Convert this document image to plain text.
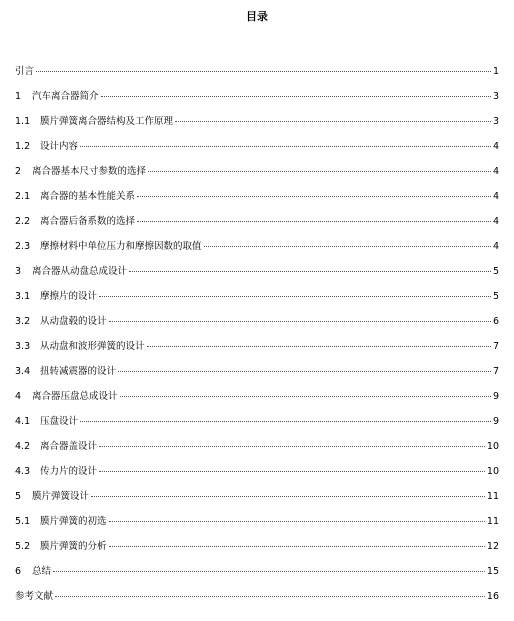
目录
引言	1
1	汽车离合器简介	3
1.1	膜片弹簧离合器结构及工作原理	3
1.2	设计内容	4
2	离合器基本尺寸参数的选择	4
2.1	离合器的基本性能关系	4
2.2	离合器后备系数的选择	4
2.3	摩擦材料中单位压力和摩擦因数的取值	4
3	离合器从动盘总成设计	5
3.1	摩擦片的设计	5
3.2	从动盘毂的设计	6
3.3	从动盘和波形弹簧的设计	7
3.4	扭转减震器的设计	7
4	离合器压盘总成设计	9
4.1	压盘设计	9
4.2	离合器盖设计	10
4.3	传力片的设计	10
5	膜片弹簧设计	11
5.1	膜片弹簧的初选	11
5.2	膜片弹簧的分析	12
6	总结	15
参考文献	16
